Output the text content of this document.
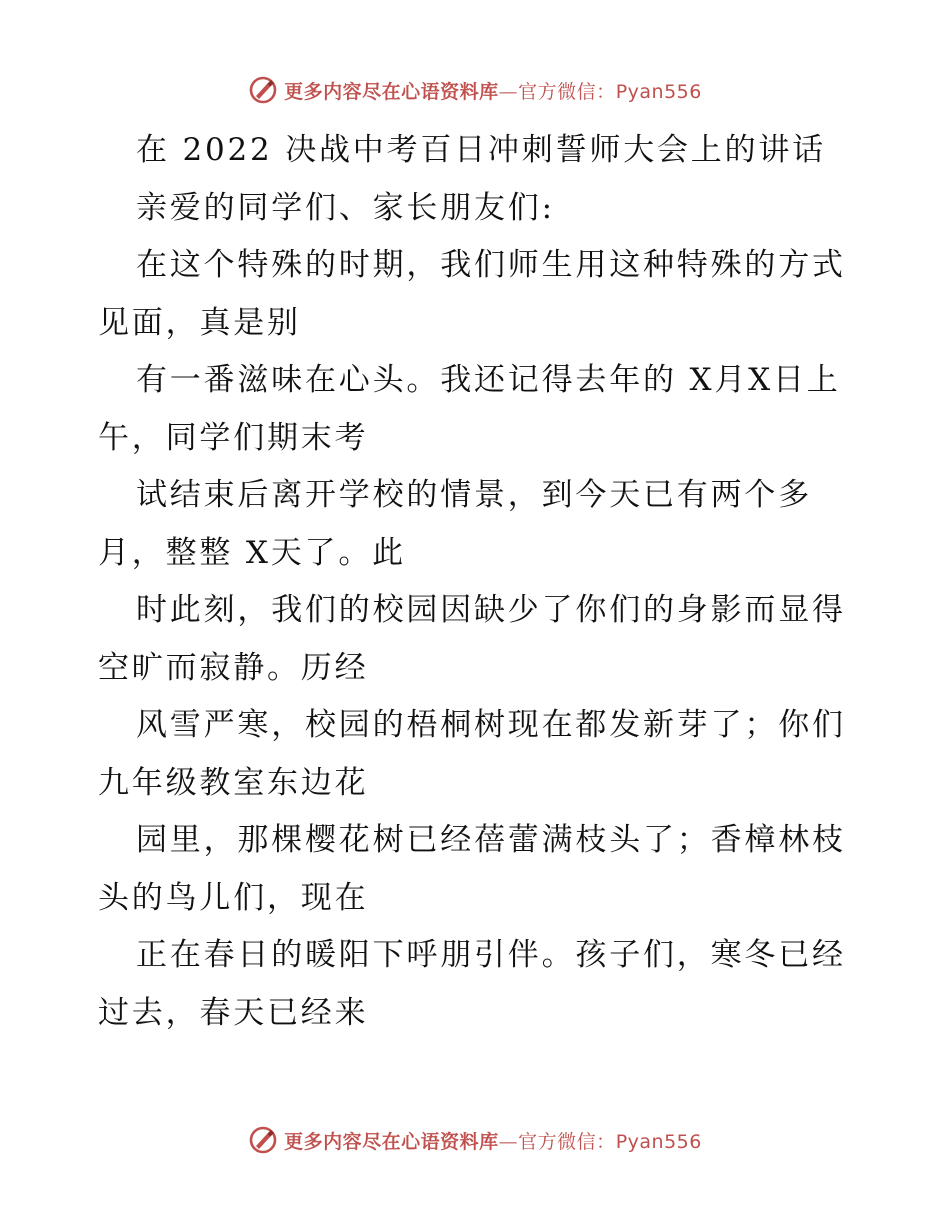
更多内容尽在心语资料库—官方微信：Pyan556
在 2022 决战中考百日冲刺誓师大会上的讲话
亲爱的同学们、家长朋友们:
在这个特殊的时期，我们师生用这种特殊的方式
见面，真是别
有一番滋味在心头。我还记得去年的 X月X日上
午，同学们期末考
试结束后离开学校的情景，到今天已有两个多
月，整整 X天了。此
时此刻，我们的校园因缺少了你们的身影而显得
空旷而寂静。历经
风雪严寒，校园的梧桐树现在都发新芽了；你们
九年级教室东边花
园里，那棵樱花树已经蓓蕾满枝头了；香樟林枝
头的鸟儿们，现在
正在春日的暖阳下呼朋引伴。孩子们，寒冬已经
过去，春天已经来
更多内容尽在心语资料库—官方微信：Pyan556
